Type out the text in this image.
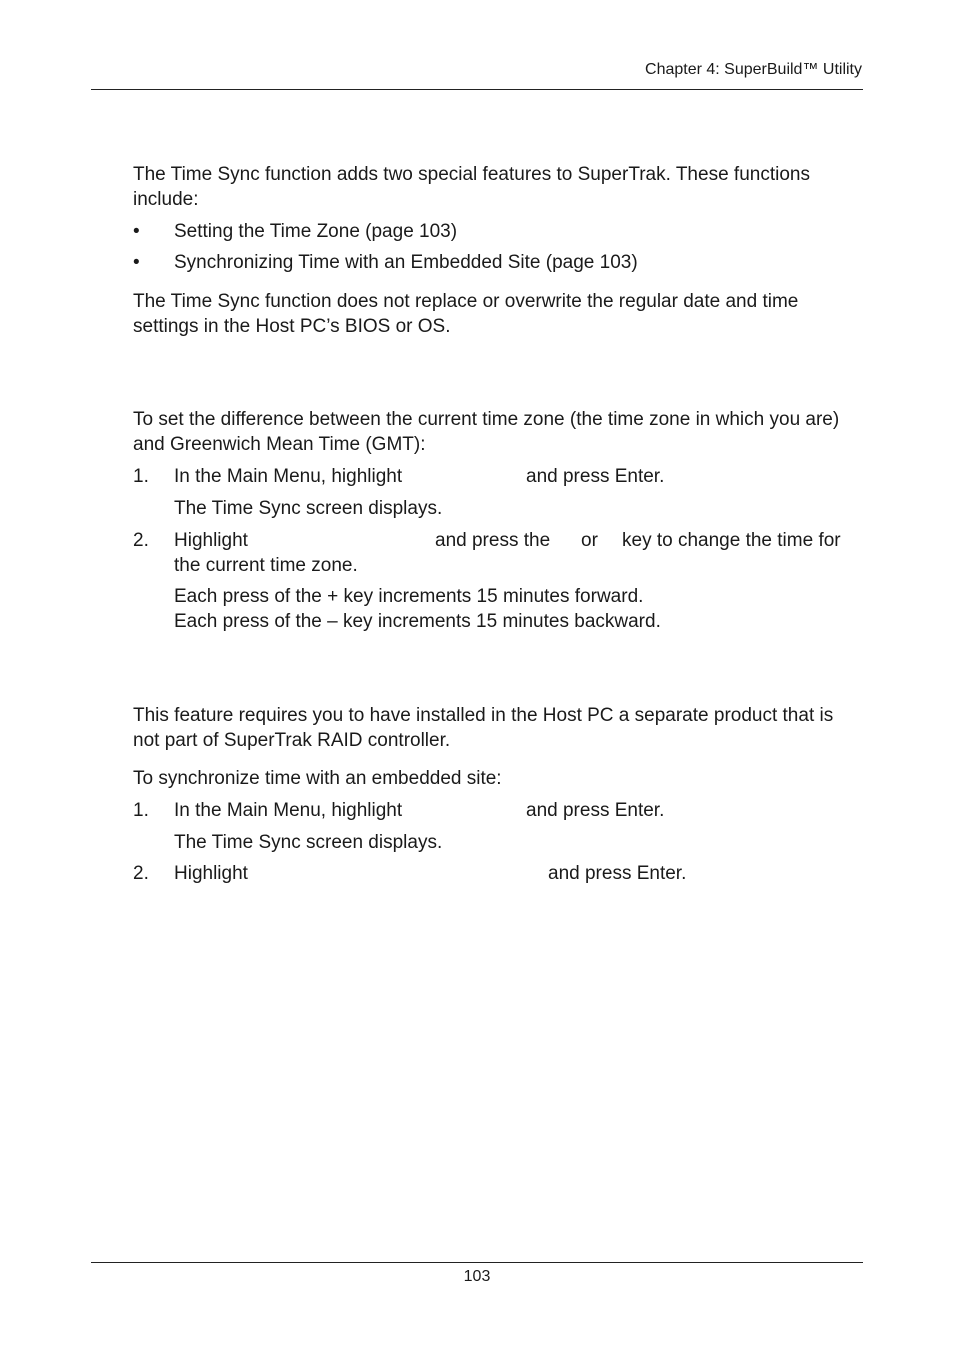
Chapter 4: SuperBuild™ Utility
The Time Sync function adds two special features to SuperTrak. These functions include:
• Setting the Time Zone (page 103)
• Synchronizing Time with an Embedded Site (page 103)
The Time Sync function does not replace or overwrite the regular date and time settings in the Host PC’s BIOS or OS.
To set the difference between the current time zone (the time zone in which you are) and Greenwich Mean Time (GMT):
1. In the Main Menu, highlight	and press Enter.
The Time Sync screen displays.
2. Highlight	and press the or key to change the time for
the current time zone.
Each press of the + key increments 15 minutes forward.
Each press of the – key increments 15 minutes backward.
This feature requires you to have installed in the Host PC a separate product that is not part of SuperTrak RAID controller.
To synchronize time with an embedded site:
1. In the Main Menu, highlight	and press Enter.
The Time Sync screen displays.
2. Highlight	and press Enter.
103
